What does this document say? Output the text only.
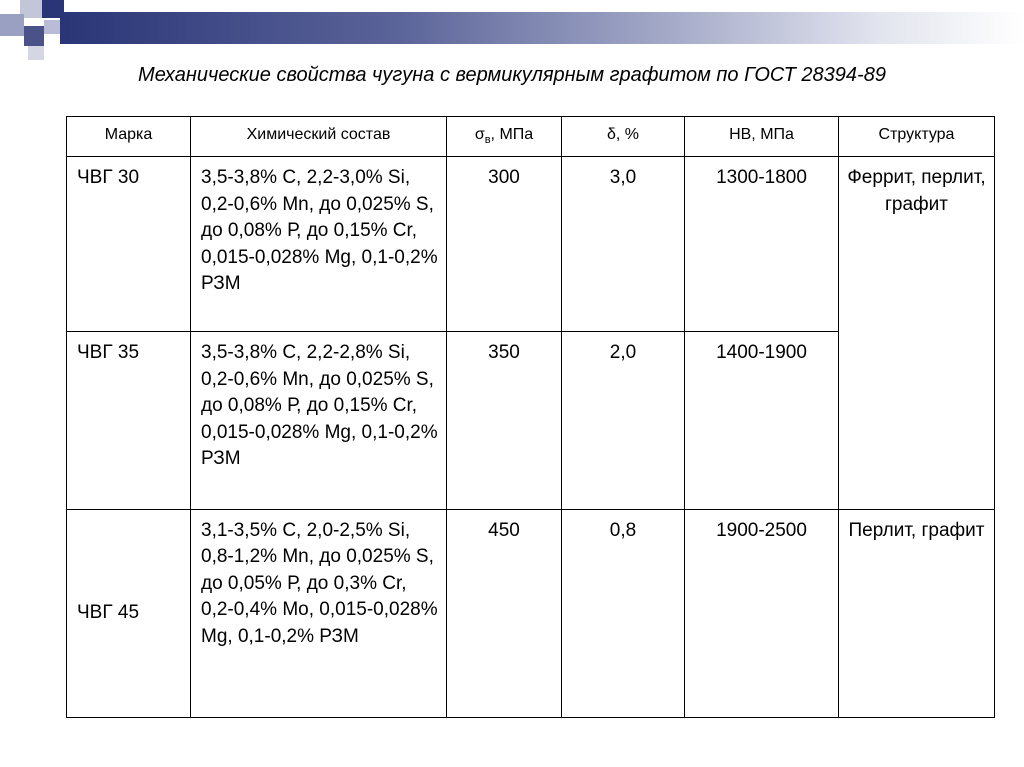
Механические свойства чугуна с вермикулярным графитом по ГОСТ 28394-89
Марка	Химический состав	$\sigma_в$, МПа	δ, %	НВ, МПа	Структура
ЧВГ 30	3,5-3,8% С, 2,2-3,0% Si, 0,2-0,6% Mn, до 0,025% S, до 0,08% Р, до 0,15% Cr, 0,015-0,028% Mg, 0,1-0,2% РЗМ	300	3,0	1300-1800	Феррит, перлит, графит
ЧВГ 35	3,5-3,8% С, 2,2-2,8% Si, 0,2-0,6% Mn, до 0,025% S, до 0,08% Р, до 0,15% Cr, 0,015-0,028% Mg, 0,1-0,2% РЗМ	350	2,0	1400-1900	
ЧВГ 45	3,1-3,5% С, 2,0-2,5% Si, 0,8-1,2% Mn, до 0,025% S, до 0,05% Р, до 0,3% Cr, 0,2-0,4% Mo, 0,015-0,028% Mg, 0,1-0,2% РЗМ	450	0,8	1900-2500	Перлит, графит
